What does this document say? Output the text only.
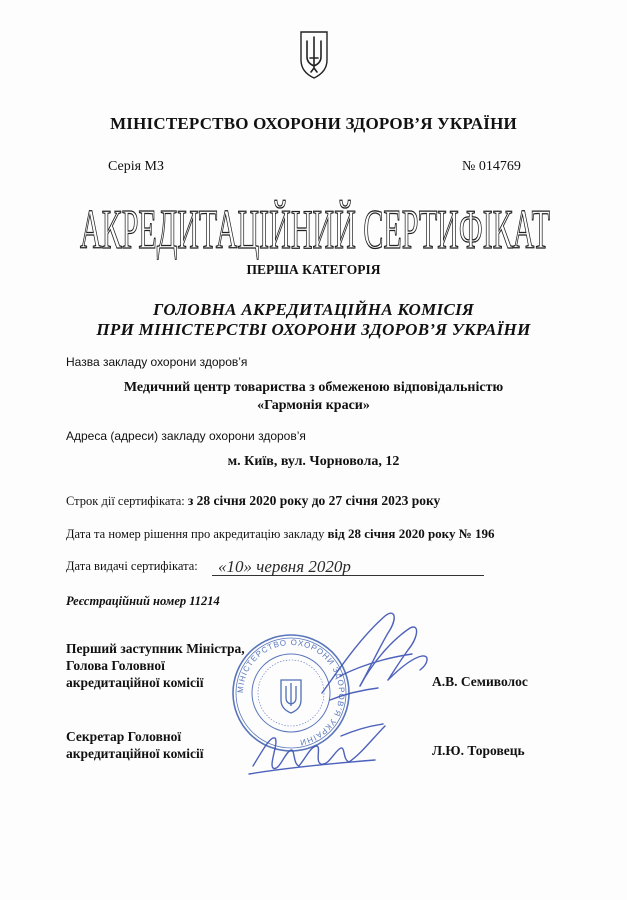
МІНІСТЕРСТВО ОХОРОНИ ЗДОРОВ’Я УКРАЇНИ
Серія МЗ	№ 014769
АКРЕДИТАЦІЙНИЙ СЕРТИФІКАТ
ПЕРША КАТЕГОРІЯ
ГОЛОВНА АКРЕДИТАЦІЙНА КОМІСІЯ
ПРИ МІНІСТЕРСТВІ ОХОРОНИ ЗДОРОВ’Я УКРАЇНИ
Назва закладу охорони здоров’я
Медичний центр товариства з обмеженою відповідальністю
«Гармонія краси»
Адреса (адреси) закладу охорони здоров’я
м. Київ, вул. Чорновола, 12
Строк дії сертифіката: з 28 січня 2020 року до 27 січня 2023 року
Дата та номер рішення про акредитацію закладу від 28 січня 2020 року № 196
Дата видачі сертифіката: «10» червня 2020р
Реєстраційний номер 11214
Перший заступник Міністра,
Голова Головної
акредитаційної комісії	А.В. Семиволос
Секретар Головної
акредитаційної комісії	Л.Ю. Торовець
МІНІСТЕРСТВО ОХОРОНИ ЗДОРОВ’Я УКРАЇНИ
